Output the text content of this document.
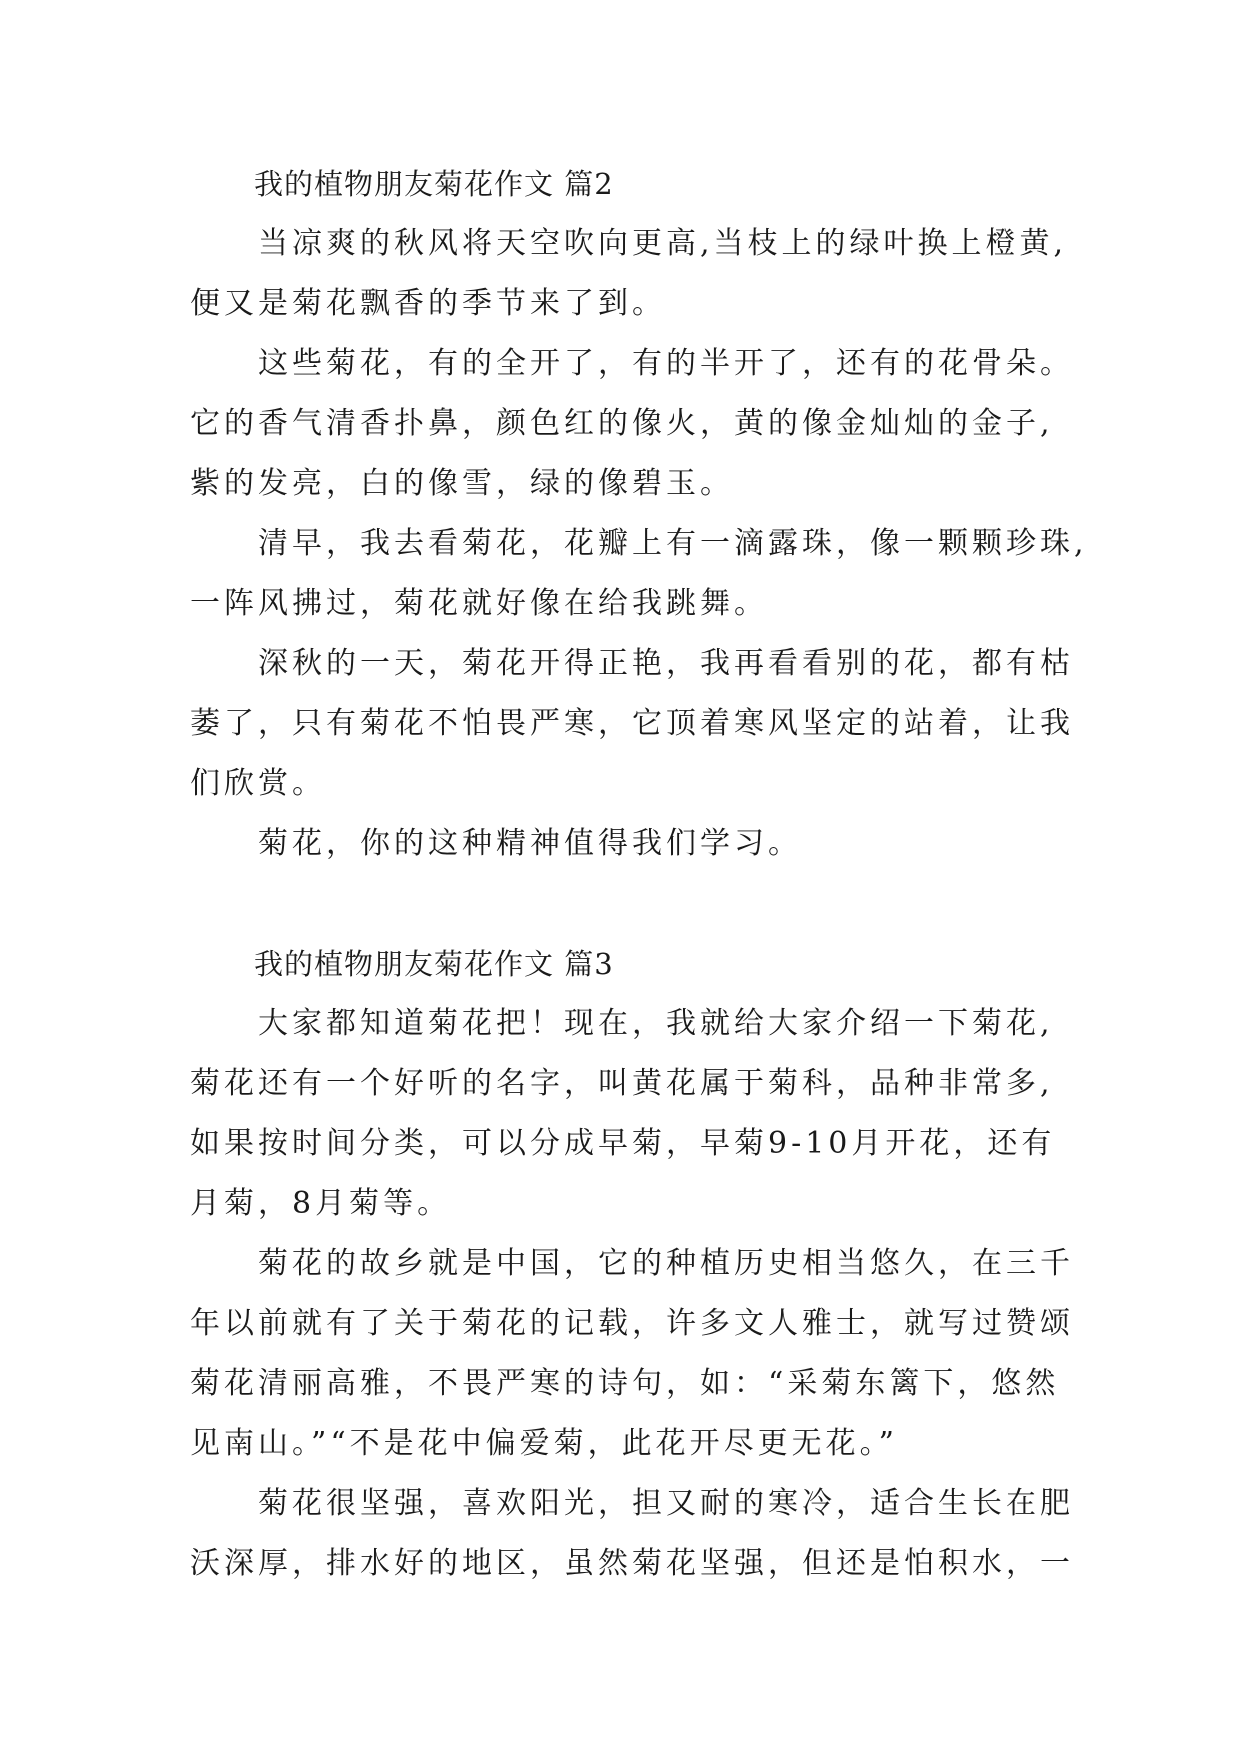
我的植物朋友菊花作文 篇2

当凉爽的秋风将天空吹向更高,当枝上的绿叶换上橙黄,
便又是菊花飘香的季节来了到。

这些菊花，有的全开了，有的半开了，还有的花骨朵。
它的香气清香扑鼻，颜色红的像火，黄的像金灿灿的金子,
紫的发亮，白的像雪，绿的像碧玉。

清早，我去看菊花，花瓣上有一滴露珠，像一颗颗珍珠,
一阵风拂过，菊花就好像在给我跳舞。

深秋的一天，菊花开得正艳，我再看看别的花，都有枯
萎了，只有菊花不怕畏严寒，它顶着寒风坚定的站着，让我
们欣赏。

菊花，你的这种精神值得我们学习。

我的植物朋友菊花作文 篇3

大家都知道菊花把！现在，我就给大家介绍一下菊花,
菊花还有一个好听的名字，叫黄花属于菊科，品种非常多,
如果按时间分类，可以分成早菊，早菊9-10月开花，还有
月菊，8月菊等。

菊花的故乡就是中国，它的种植历史相当悠久，在三千
年以前就有了关于菊花的记载，许多文人雅士，就写过赞颂
菊花清丽高雅，不畏严寒的诗句，如：“采菊东篱下，悠然
见南山。”“不是花中偏爱菊，此花开尽更无花。”

菊花很坚强，喜欢阳光，担又耐的寒冷，适合生长在肥
沃深厚，排水好的地区，虽然菊花坚强，但还是怕积水，一
